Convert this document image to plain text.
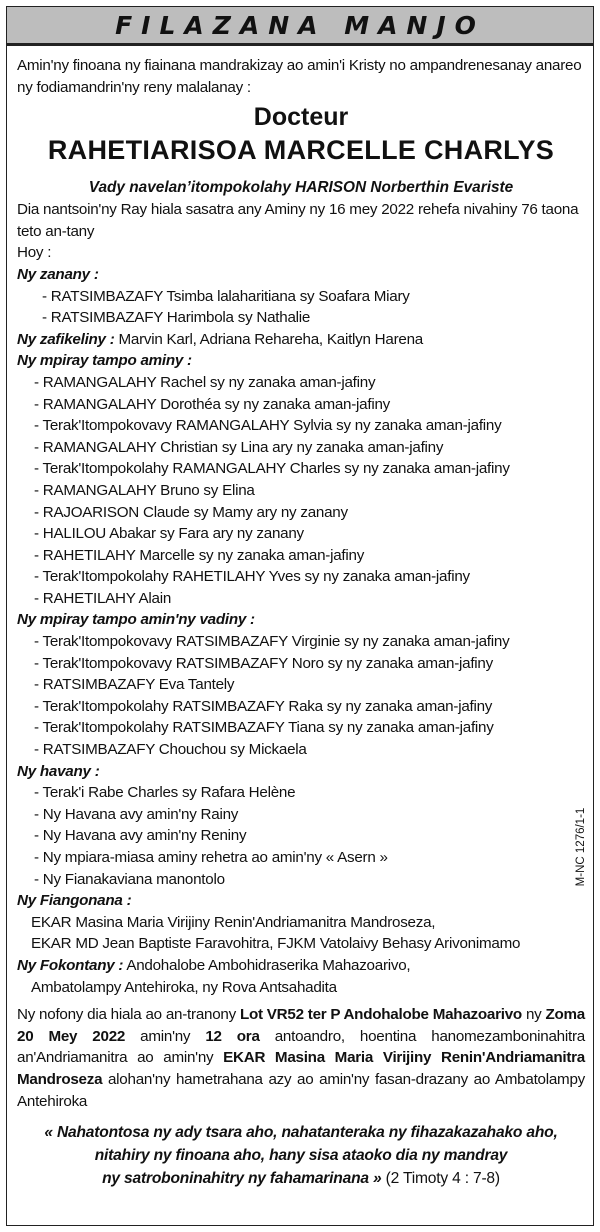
FILAZANA MANJO
Amin'ny finoana ny fiainana mandrakizay ao amin'i Kristy no ampandrenesanay anareo ny fodiamandrin'ny reny malalanay :
Docteur
RAHETIARISOA MARCELLE CHARLYS
Vady navelan’itompokolahy HARISON Norberthin Evariste
Dia nantsoin'ny Ray hiala sasatra any Aminy ny 16 mey 2022 rehefa nivahiny 76 taona teto an-tany
Hoy :
Ny zanany :
- RATSIMBAZAFY Tsimba lalaharitiana sy Soafara Miary
- RATSIMBAZAFY Harimbola sy Nathalie
Ny zafikeliny : Marvin Karl, Adriana Rehareha, Kaitlyn Harena
Ny mpiray tampo aminy :
- RAMANGALAHY Rachel sy ny zanaka aman-jafiny
- RAMANGALAHY Dorothéa sy ny zanaka aman-jafiny
- Terak'Itompokovavy RAMANGALAHY Sylvia sy ny zanaka aman-jafiny
- RAMANGALAHY Christian sy Lina ary ny zanaka aman-jafiny
- Terak'Itompokolahy RAMANGALAHY Charles sy ny zanaka aman-jafiny
- RAMANGALAHY Bruno sy Elina
- RAJOARISON Claude sy Mamy ary ny zanany
- HALILOU Abakar sy Fara ary ny zanany
- RAHETILAHY Marcelle sy ny zanaka aman-jafiny
- Terak'Itompokolahy RAHETILAHY Yves sy ny zanaka aman-jafiny
- RAHETILAHY Alain
Ny mpiray tampo amin'ny vadiny :
- Terak'Itompokovavy RATSIMBAZAFY Virginie sy ny zanaka aman-jafiny
- Terak'Itompokovavy RATSIMBAZAFY Noro sy ny zanaka aman-jafiny
- RATSIMBAZAFY Eva Tantely
- Terak'Itompokolahy RATSIMBAZAFY Raka sy ny zanaka aman-jafiny
- Terak'Itompokolahy RATSIMBAZAFY Tiana sy ny zanaka aman-jafiny
- RATSIMBAZAFY Chouchou sy Mickaela
Ny havany :
- Terak'i Rabe Charles sy Rafara Helène
- Ny Havana avy amin'ny Rainy
- Ny Havana avy amin'ny Reniny
- Ny mpiara-miasa aminy rehetra ao amin'ny « Asern »
- Ny Fianakaviana manontolo
Ny Fiangonana :
EKAR Masina Maria Virijiny Renin'Andriamanitra Mandroseza,
EKAR MD Jean Baptiste Faravohitra, FJKM Vatolaivy Behasy Arivonimamo
Ny Fokontany : Andohalobe Ambohidraserika Mahazoarivo,
Ambatolampy Antehiroka, ny Rova Antsahadita
Ny nofony dia hiala ao an-tranony Lot VR52 ter P Andohalobe Mahazoarivo ny Zoma 20 Mey 2022 amin'ny 12 ora antoandro, hoentina hanomezamboninahitra an'Andriamanitra ao amin'ny EKAR Masina Maria Virijiny Renin'Andriamanitra Mandroseza alohan'ny hametrahana azy ao amin'ny fasan-drazany ao Ambatolampy Antehiroka
« Nahatontosa ny ady tsara aho, nahatanteraka ny fihazakazahako aho,
nitahiry ny finoana aho, hany sisa ataoko dia ny mandray
ny satroboninahitry ny fahamarinana » (2 Timoty 4 : 7-8)
M-NC 1276/1-1
